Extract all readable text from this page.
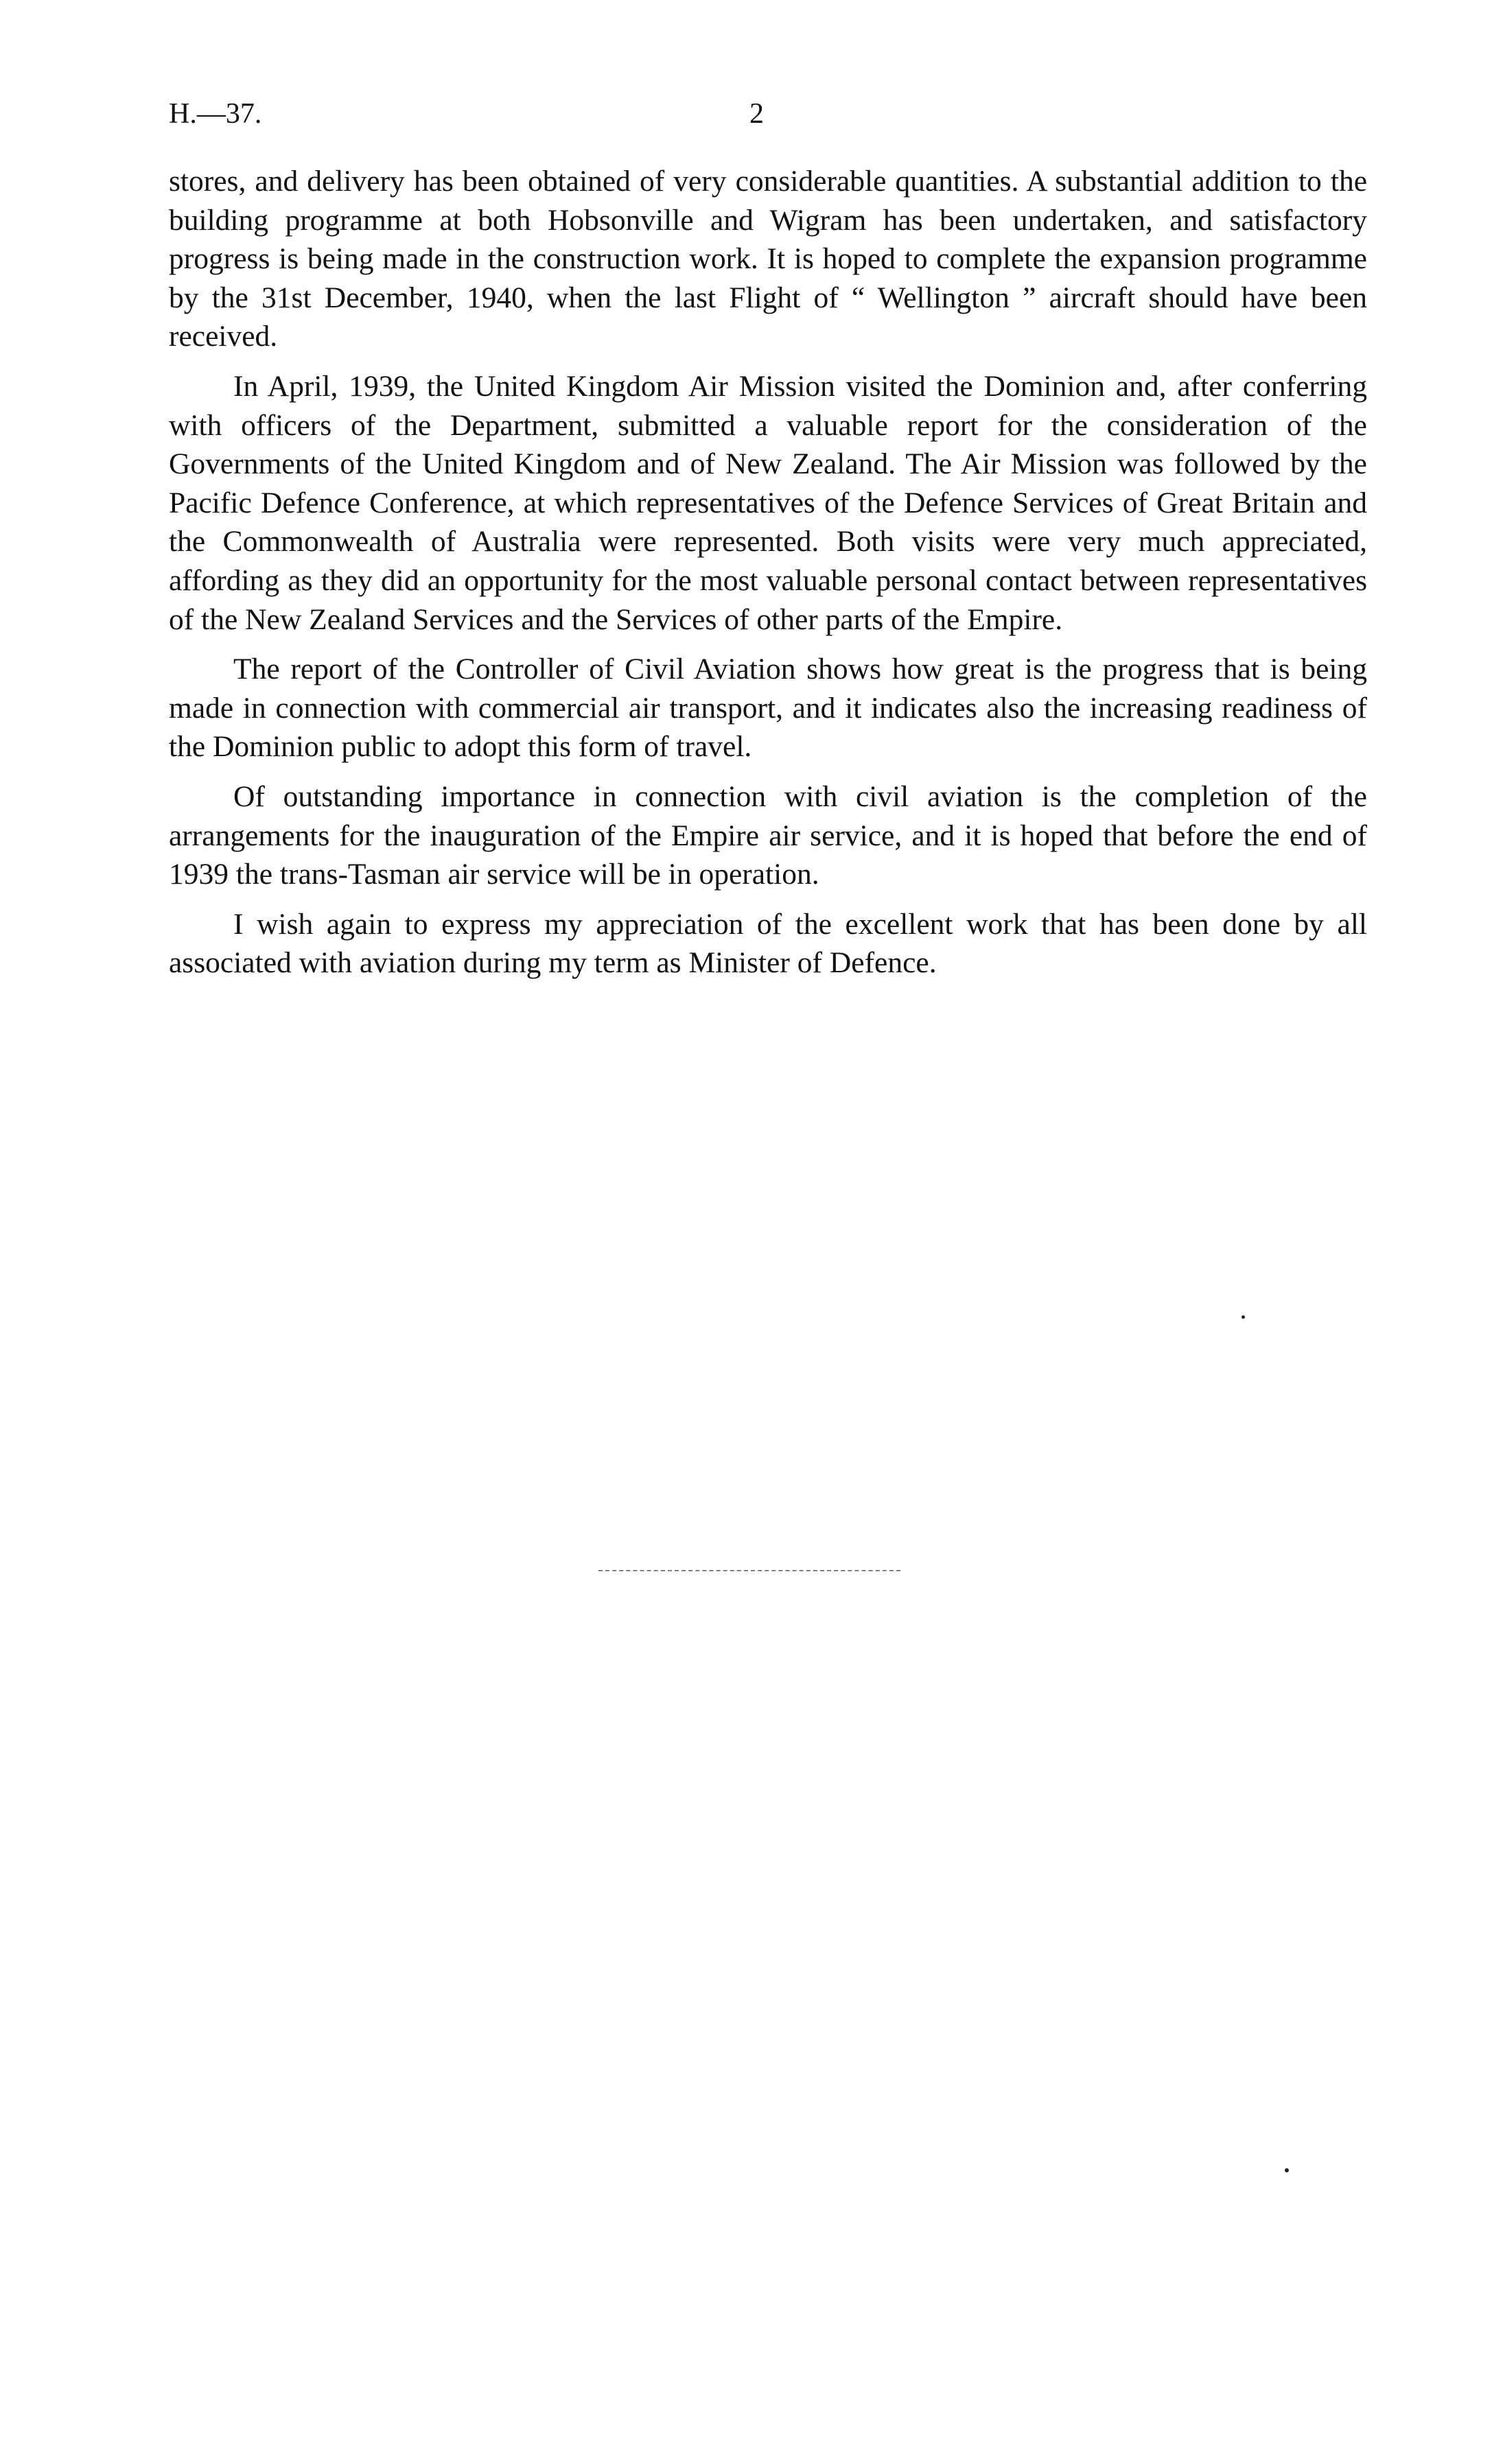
H.—37.	2

stores, and delivery has been obtained of very considerable quantities. A substantial addition to the building programme at both Hobsonville and Wigram has been undertaken, and satisfactory progress is being made in the construction work. It is hoped to complete the expansion programme by the 31st December, 1940, when the last Flight of “ Wellington ” aircraft should have been received.

In April, 1939, the United Kingdom Air Mission visited the Dominion and, after conferring with officers of the Department, submitted a valuable report for the consideration of the Governments of the United Kingdom and of New Zealand. The Air Mission was followed by the Pacific Defence Conference, at which representatives of the Defence Services of Great Britain and the Commonwealth of Australia were represented. Both visits were very much appreciated, affording as they did an opportunity for the most valuable personal contact between representatives of the New Zealand Services and the Services of other parts of the Empire.

The report of the Controller of Civil Aviation shows how great is the progress that is being made in connection with commercial air transport, and it indicates also the increasing readiness of the Dominion public to adopt this form of travel.

Of outstanding importance in connection with civil aviation is the completion of the arrangements for the inauguration of the Empire air service, and it is hoped that before the end of 1939 the trans-Tasman air service will be in operation.

I wish again to express my appreciation of the excellent work that has been done by all associated with aviation during my term as Minister of Defence.
